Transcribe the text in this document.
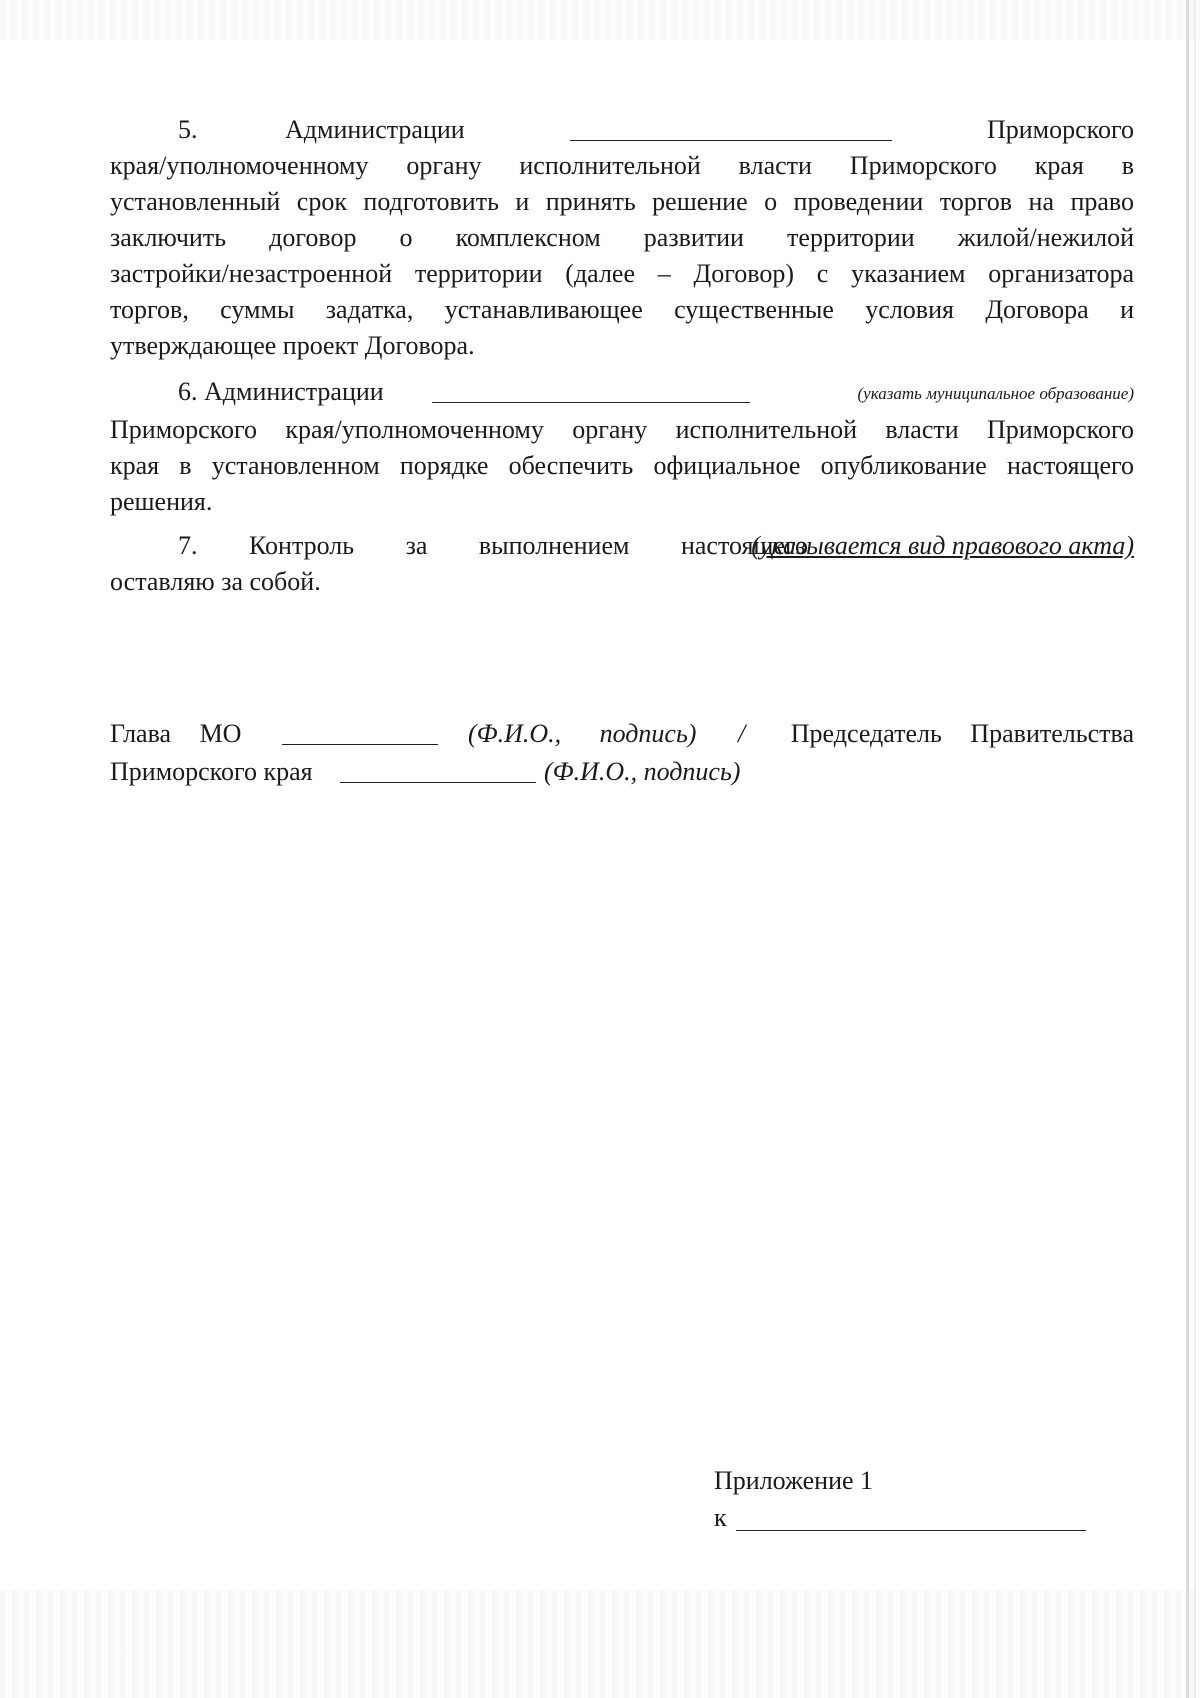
5.	Администрации	Приморского
края/уполномоченному органу исполнительной власти Приморского края в
установленный срок подготовить и принять решение о проведении торгов на право
заключить договор о комплексном развитии территории жилой/нежилой
застройки/незастроенной территории (далее – Договор) с указанием организатора
торгов, суммы задатка, устанавливающее существенные условия Договора и
утверждающее проект Договора.
6. Администрации	(указать муниципальное образование)
Приморского края/уполномоченному органу исполнительной власти Приморского
края в установленном порядке обеспечить официальное опубликование настоящего
решения.
7. Контроль за выполнением настоящего
(указывается вид правового акта)
оставляю за собой.
Глава МО	(Ф.И.О., подпись) / Председатель Правительства
Приморского края	(Ф.И.О., подпись)
Приложение 1
к
